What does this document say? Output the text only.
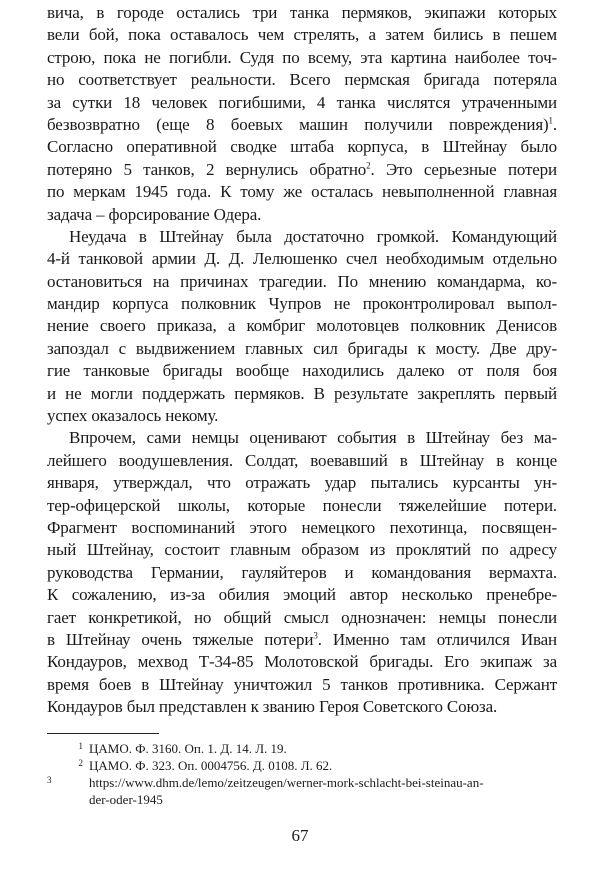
вича, в городе остались три танка пермяков, экипажи которых
вели бой, пока оставалось чем стрелять, а затем бились в пешем
строю, пока не погибли. Судя по всему, эта картина наиболее точ-
но соответствует реальности. Всего пермская бригада потеряла
за сутки 18 человек погибшими, 4 танка числятся утраченными
безвозвратно (еще 8 боевых машин получили повреждения)$^1$.
Согласно оперативной сводке штаба корпуса, в Штейнау было
потеряно 5 танков, 2 вернулись обратно$^2$. Это серьезные потери
по меркам 1945 года. К тому же осталась невыполненной главная
задача – форсирование Одера.
Неудача в Штейнау была достаточно громкой. Командующий
4-й танковой армии Д. Д. Лелюшенко счел необходимым отдельно
остановиться на причинах трагедии. По мнению командарма, ко-
мандир корпуса полковник Чупров не проконтролировал выпол-
нение своего приказа, а комбриг молотовцев полковник Денисов
запоздал с выдвижением главных сил бригады к мосту. Две дру-
гие танковые бригады вообще находились далеко от поля боя
и не могли поддержать пермяков. В результате закреплять первый
успех оказалось некому.
Впрочем, сами немцы оценивают события в Штейнау без ма-
лейшего воодушевления. Солдат, воевавший в Штейнау в конце
января, утверждал, что отражать удар пытались курсанты ун-
тер-офицерской школы, которые понесли тяжелейшие потери.
Фрагмент воспоминаний этого немецкого пехотинца, посвящен-
ный Штейнау, состоит главным образом из проклятий по адресу
руководства Германии, гауляйтеров и командования вермахта.
К сожалению, из-за обилия эмоций автор несколько пренебре-
гает конкретикой, но общий смысл однозначен: немцы понесли
в Штейнау очень тяжелые потери$^3$. Именно там отличился Иван
Кондауров, мехвод Т-34-85 Молотовской бригады. Его экипаж за
время боев в Штейнау уничтожил 5 танков противника. Сержант
Кондауров был представлен к званию Героя Советского Союза.
1 ЦАМО. Ф. 3160. Оп. 1. Д. 14. Л. 19.
2 ЦАМО. Ф. 323. Оп. 0004756. Д. 0108. Л. 62.
3	https://www.dhm.de/lemo/zeitzeugen/werner-mork-schlacht-bei-steinau-an-
der-oder-1945
67
